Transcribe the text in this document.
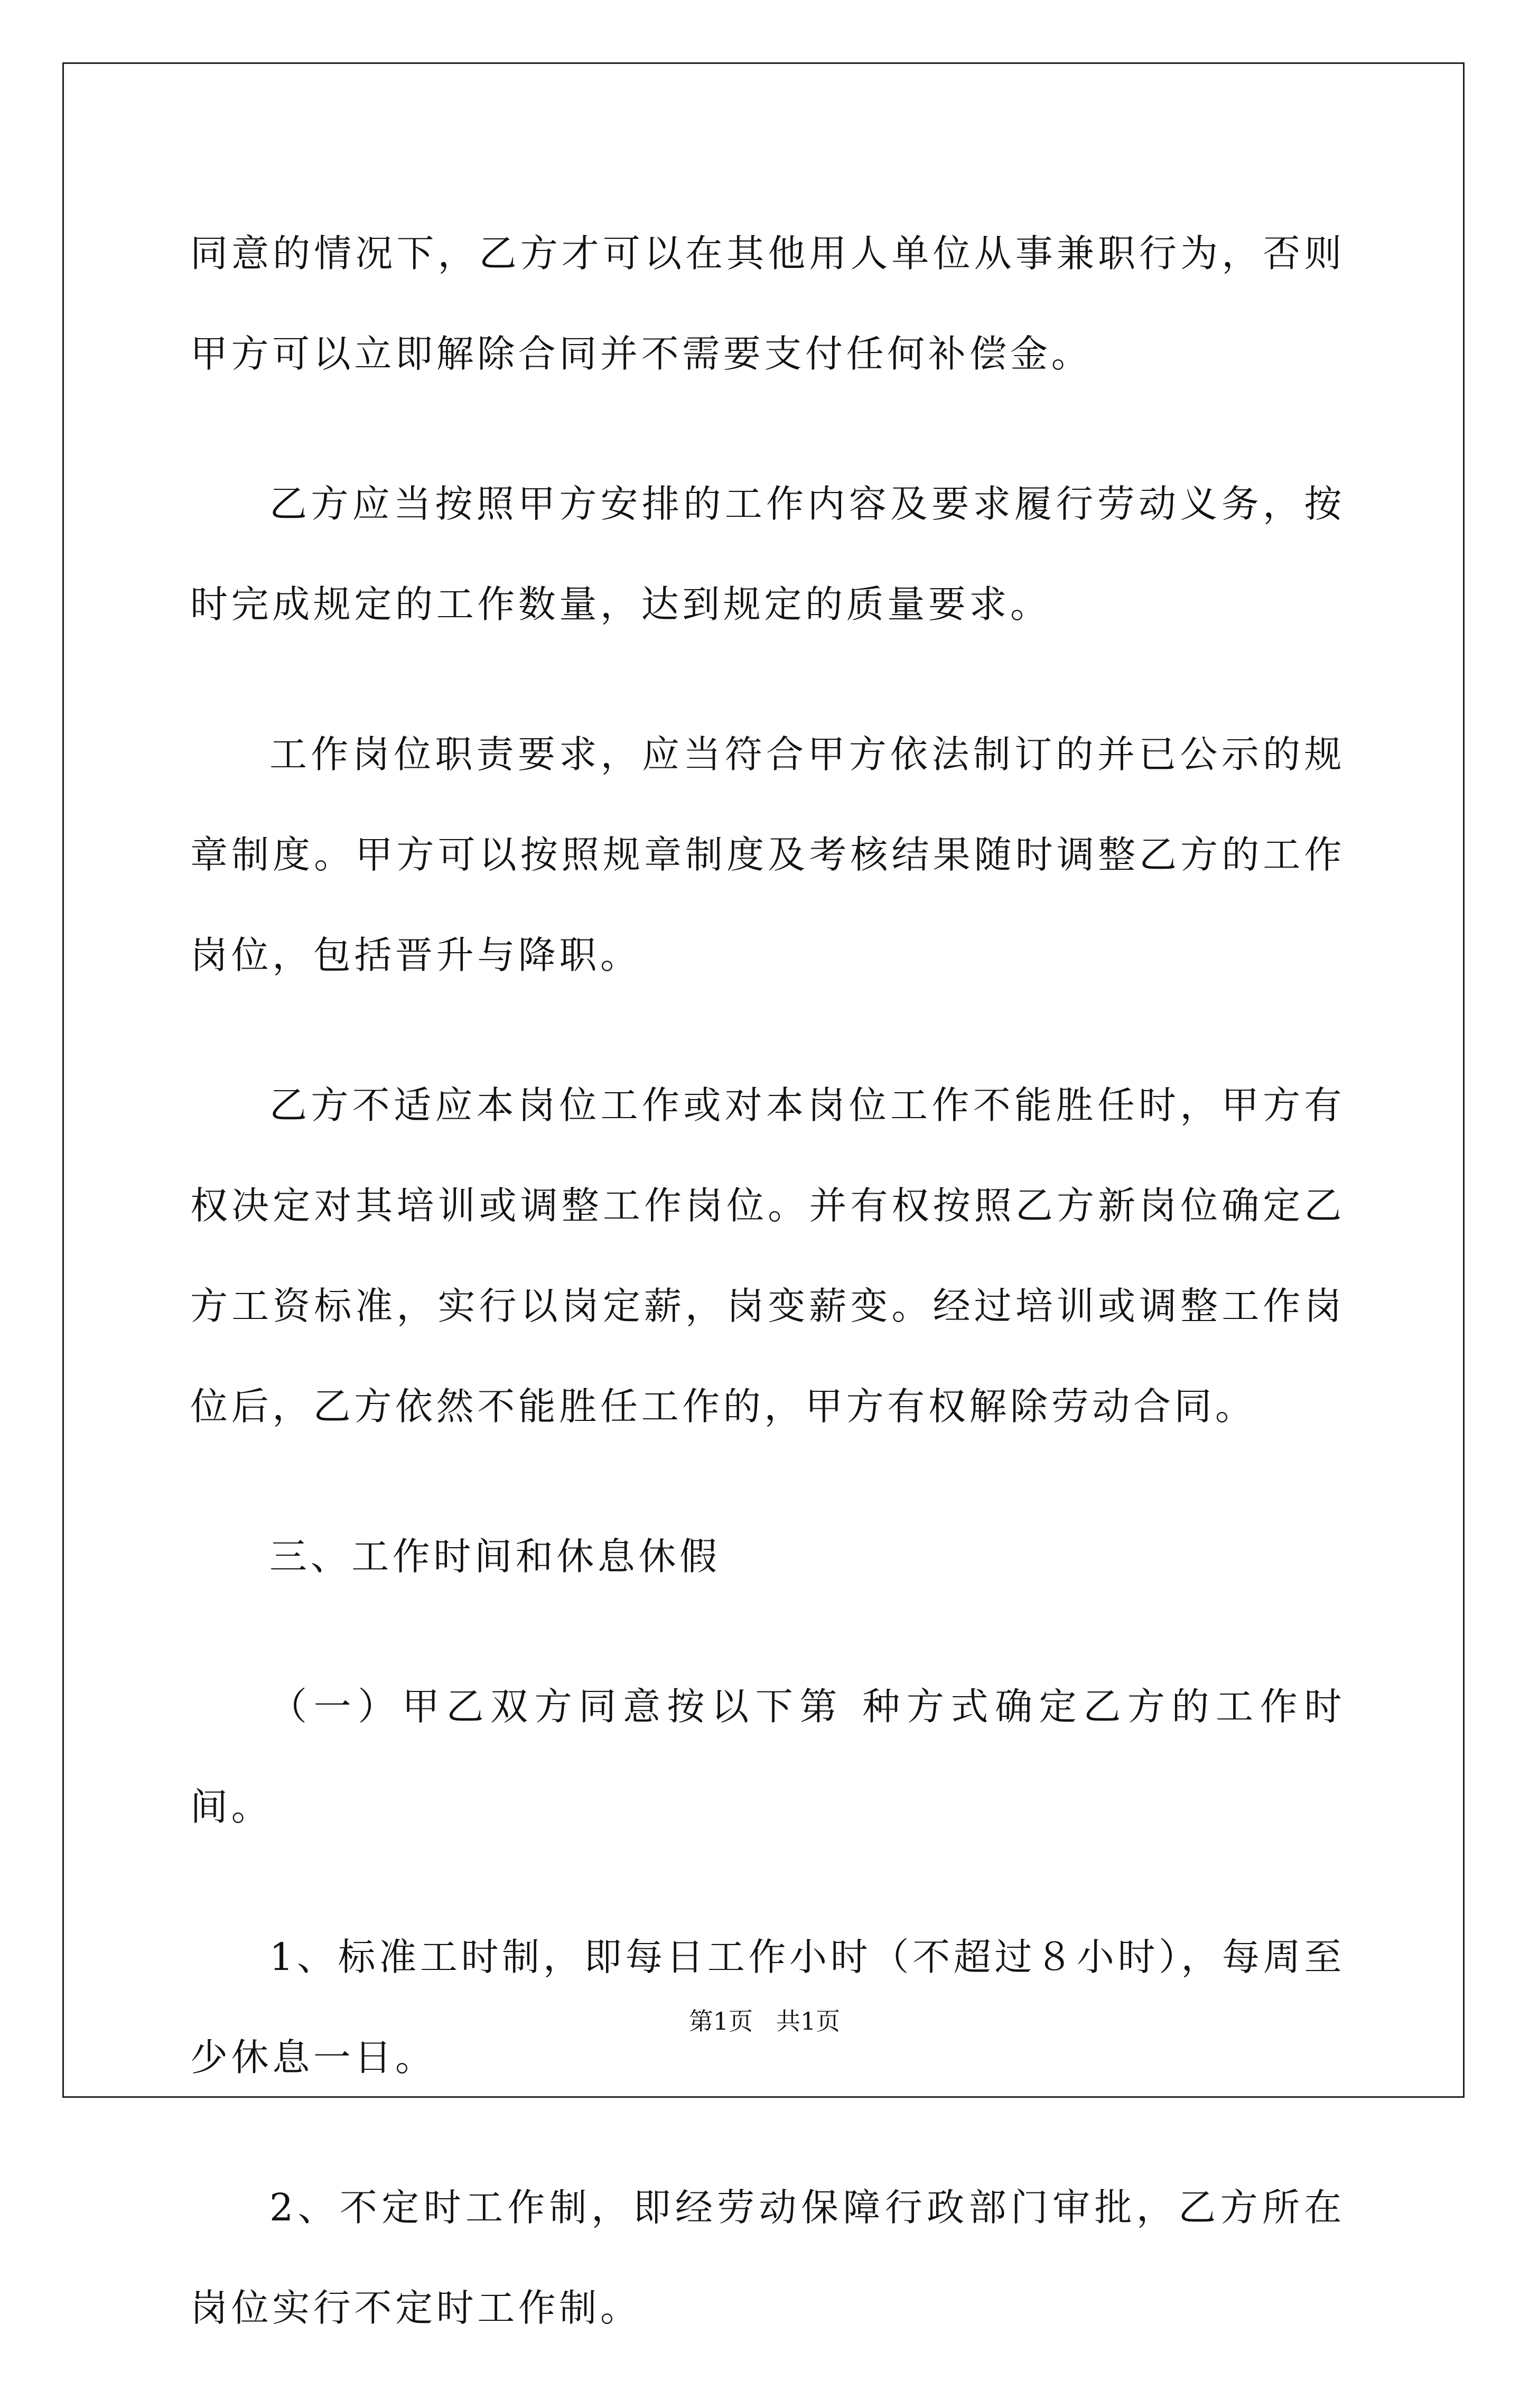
同意的情况下，乙方才可以在其他用人单位从事兼职行为，否则甲方可以立即解除合同并不需要支付任何补偿金。

乙方应当按照甲方安排的工作内容及要求履行劳动义务，按时完成规定的工作数量，达到规定的质量要求。

工作岗位职责要求，应当符合甲方依法制订的并已公示的规章制度。甲方可以按照规章制度及考核结果随时调整乙方的工作岗位，包括晋升与降职。

乙方不适应本岗位工作或对本岗位工作不能胜任时，甲方有权决定对其培训或调整工作岗位。并有权按照乙方新岗位确定乙方工资标准，实行以岗定薪，岗变薪变。经过培训或调整工作岗位后，乙方依然不能胜任工作的，甲方有权解除劳动合同。

三、工作时间和休息休假

（一）甲乙双方同意按以下第 种方式确定乙方的工作时间。

1、标准工时制，即每日工作小时（不超过８小时），每周至少休息一日。

2、不定时工作制，即经劳动保障行政部门审批，乙方所在岗位实行不定时工作制。

第1页 共1页
